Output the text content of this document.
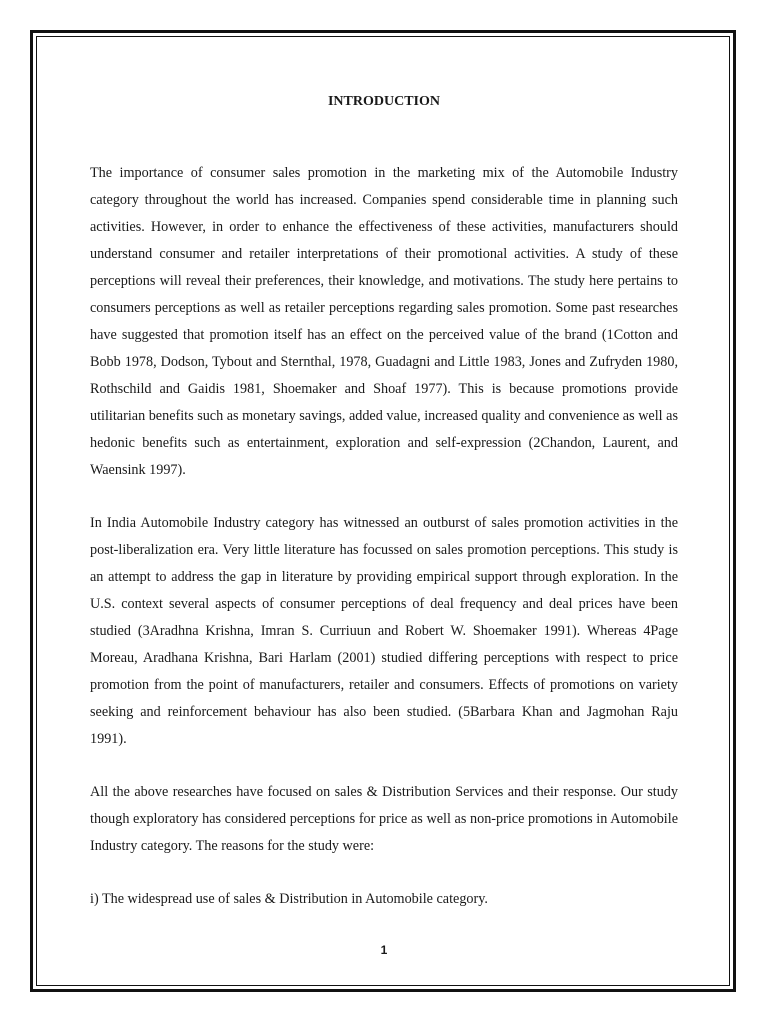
INTRODUCTION

The importance of consumer sales promotion in the marketing mix of the Automobile Industry category throughout the world has increased. Companies spend considerable time in planning such activities. However, in order to enhance the effectiveness of these activities, manufacturers should understand consumer and retailer interpretations of their promotional activities. A study of these perceptions will reveal their preferences, their knowledge, and motivations. The study here pertains to consumers perceptions as well as retailer perceptions regarding sales promotion. Some past researches have suggested that promotion itself has an effect on the perceived value of the brand (1Cotton and Bobb 1978, Dodson, Tybout and Sternthal, 1978, Guadagni and Little 1983, Jones and Zufryden 1980, Rothschild and Gaidis 1981, Shoemaker and Shoaf 1977). This is because promotions provide utilitarian benefits such as monetary savings, added value, increased quality and convenience as well as hedonic benefits such as entertainment, exploration and self-expression (2Chandon, Laurent, and Waensink 1997).

In India Automobile Industry category has witnessed an outburst of sales promotion activities in the post-liberalization era. Very little literature has focussed on sales promotion perceptions. This study is an attempt to address the gap in literature by providing empirical support through exploration. In the U.S. context several aspects of consumer perceptions of deal frequency and deal prices have been studied (3Aradhna Krishna, Imran S. Curriuun and Robert W. Shoemaker 1991). Whereas 4Page Moreau, Aradhana Krishna, Bari Harlam (2001) studied differing perceptions with respect to price promotion from the point of manufacturers, retailer and consumers. Effects of promotions on variety seeking and reinforcement behaviour has also been studied. (5Barbara Khan and Jagmohan Raju 1991).

All the above researches have focused on sales & Distribution Services and their response. Our study though exploratory has considered perceptions for price as well as non-price promotions in Automobile Industry category. The reasons for the study were:

i) The widespread use of sales & Distribution in Automobile category.

1
